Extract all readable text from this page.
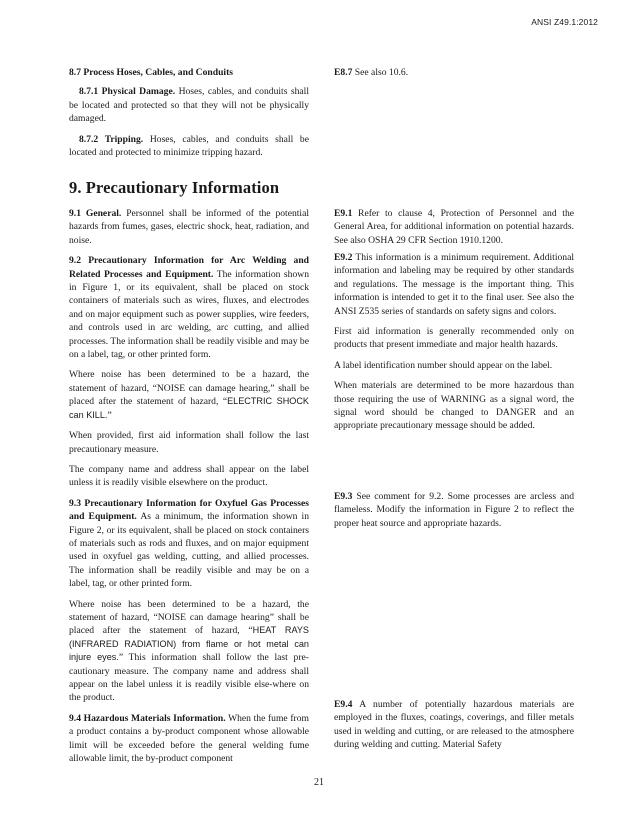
ANSI Z49.1:2012

8.7 Process Hoses, Cables, and Conduits

8.7.1 Physical Damage. Hoses, cables, and conduits shall be located and protected so that they will not be physically damaged.

8.7.2 Tripping. Hoses, cables, and conduits shall be located and protected to minimize tripping hazard.

E8.7 See also 10.6.

9. Precautionary Information

9.1 General. Personnel shall be informed of the potential hazards from fumes, gases, electric shock, heat, radiation, and noise.

9.2 Precautionary Information for Arc Welding and Related Processes and Equipment. The information shown in Figure 1, or its equivalent, shall be placed on stock containers of materials such as wires, fluxes, and electrodes and on major equipment such as power supplies, wire feeders, and controls used in arc welding, arc cutting, and allied processes. The information shall be readily visible and may be on a label, tag, or other printed form.

Where noise has been determined to be a hazard, the statement of hazard, “NOISE can damage hearing,” shall be placed after the statement of hazard, “ELECTRIC SHOCK can KILL.”

When provided, first aid information shall follow the last precautionary measure.

The company name and address shall appear on the label unless it is readily visible elsewhere on the product.

9.3 Precautionary Information for Oxyfuel Gas Processes and Equipment. As a minimum, the information shown in Figure 2, or its equivalent, shall be placed on stock containers of materials such as rods and fluxes, and on major equipment used in oxyfuel gas welding, cutting, and allied processes. The information shall be readily visible and may be on a label, tag, or other printed form.

Where noise has been determined to be a hazard, the statement of hazard, “NOISE can damage hearing” shall be placed after the statement of hazard, “HEAT RAYS (INFRARED RADIATION) from flame or hot metal can injure eyes.” This information shall follow the last pre-cautionary measure. The company name and address shall appear on the label unless it is readily visible else-where on the product.

9.4 Hazardous Materials Information. When the fume from a product contains a by-product component whose allowable limit will be exceeded before the general welding fume allowable limit, the by-product component

E9.1 Refer to clause 4, Protection of Personnel and the General Area, for additional information on potential hazards. See also OSHA 29 CFR Section 1910.1200.

E9.2 This information is a minimum requirement. Additional information and labeling may be required by other standards and regulations. The message is the important thing. This information is intended to get it to the final user. See also the ANSI Z535 series of standards on safety signs and colors.

First aid information is generally recommended only on products that present immediate and major health hazards.

A label identification number should appear on the label.

When materials are determined to be more hazardous than those requiring the use of WARNING as a signal word, the signal word should be changed to DANGER and an appropriate precautionary message should be added.

E9.3 See comment for 9.2. Some processes are arcless and flameless. Modify the information in Figure 2 to reflect the proper heat source and appropriate hazards.

E9.4 A number of potentially hazardous materials are employed in the fluxes, coatings, coverings, and filler metals used in welding and cutting, or are released to the atmosphere during welding and cutting. Material Safety

21
